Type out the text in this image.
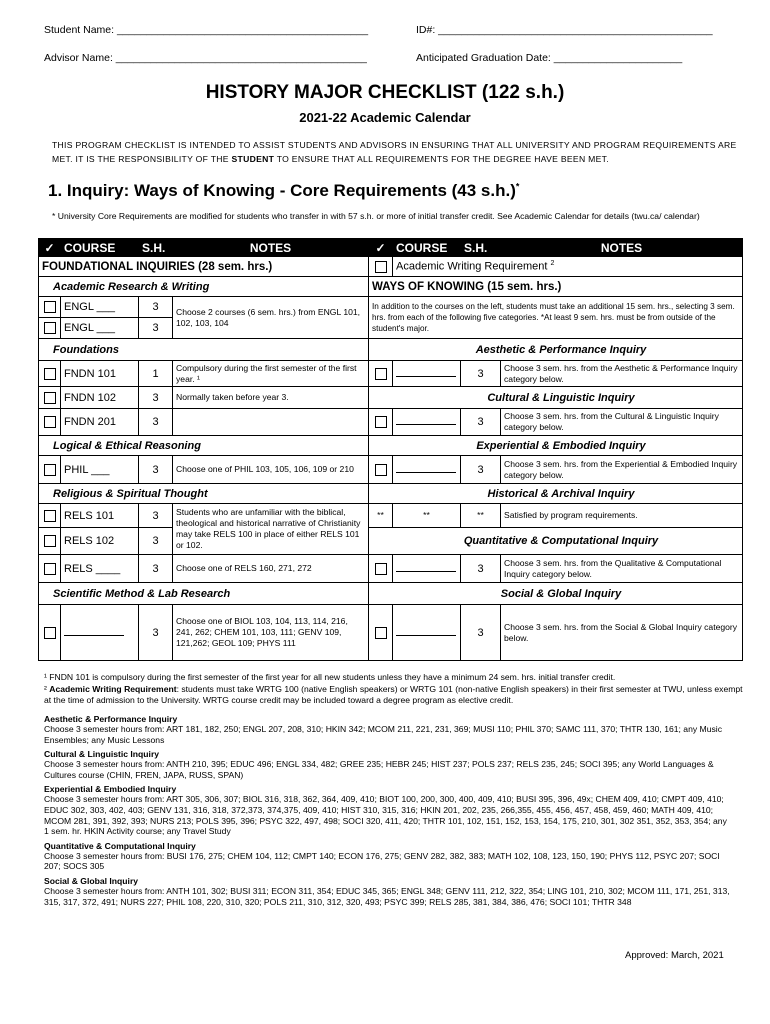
Student Name: ___________________________________________	ID#: _______________________________________________
Advisor Name: ___________________________________________	Anticipated Graduation Date: ______________________
HISTORY MAJOR CHECKLIST (122 s.h.)
2021-22 Academic Calendar
THIS PROGRAM CHECKLIST IS INTENDED TO ASSIST STUDENTS AND ADVISORS IN ENSURING THAT ALL UNIVERSITY AND PROGRAM REQUIREMENTS ARE
MET. IT IS THE RESPONSIBILITY OF THE STUDENT TO ENSURE THAT ALL REQUIREMENTS FOR THE DEGREE HAVE BEEN MET.
1. Inquiry: Ways of Knowing - Core Requirements (43 s.h.)*
* University Core Requirements are modified for students who transfer in with 57 s.h. or more of initial transfer credit. See Academic Calendar for details (twu.ca/ calendar)
✓	COURSE	S.H.	NOTES	✓	COURSE	S.H.	NOTES
FOUNDATIONAL INQUIRIES (28 sem. hrs.)					Academic Writing Requirement $^2$
Academic Research & Writing				WAYS OF KNOWING (15 sem. hrs.)			
	ENGL ___	3	Choose 2 courses (6 sem. hrs.) from ENGL 101, 102, 103, 104	In addition to the courses on the left, students must take an additional 15 sem. hrs., selecting 3 sem. hrs. from each of the following five categories. *At least 9 sem. hrs. must be from outside of the student's major.			
	ENGL ___	3					
Foundations				Aesthetic & Performance Inquiry			
	FNDN 101	1	Compulsory during the first semester of the first year. ¹			3	Choose 3 sem. hrs. from the Aesthetic & Performance Inquiry category below.
	FNDN 102	3	Normally taken before year 3.	Cultural & Linguistic Inquiry			
	FNDN 201	3				3	Choose 3 sem. hrs. from the Cultural & Linguistic Inquiry category below.
Logical & Ethical Reasoning				Experiential & Embodied Inquiry			
	PHIL ___	3	Choose one of PHIL 103, 105, 106, 109 or 210			3	Choose 3 sem. hrs. from the Experiential & Embodied Inquiry category below.
Religious & Spiritual Thought				Historical & Archival Inquiry			
	RELS 101	3	Students who are unfamiliar with the biblical, theological and historical narrative of Christianity may take RELS 100 in place of either RELS 101 or 102.	**	**	**	Satisfied by program requirements.
	RELS 102	3		Quantitative & Computational Inquiry			
	RELS ____	3	Choose one of RELS 160, 271, 272			3	Choose 3 sem. hrs. from the Qualitative & Computational Inquiry category below.
Scientific Method & Lab Research				Social & Global Inquiry			
		3	Choose one of BIOL 103, 104, 113, 114, 216, 241, 262; CHEM 101, 103, 111; GENV 109, 121,262; GEOL 109; PHYS 111			3	Choose 3 sem. hrs. from the Social & Global Inquiry category below.
¹ FNDN 101 is compulsory during the first semester of the first year for all new students unless they have a minimum 24 sem. hrs. initial transfer credit.
² Academic Writing Requirement: students must take WRTG 100 (native English speakers) or WRTG 101 (non-native English speakers) in their first semester at TWU, unless exempt at the time of admission to the University. WRTG course credit may be included toward a degree program as elective credit.
Aesthetic & Performance Inquiry
Choose 3 semester hours from: ART 181, 182, 250; ENGL 207, 208, 310; HKIN 342; MCOM 211, 221, 231, 369; MUSI 110; PHIL 370; SAMC 111, 370; THTR 130, 161; any Music Ensembles; any Music Lessons
Cultural & Linguistic Inquiry
Choose 3 semester hours from: ANTH 210, 395; EDUC 496; ENGL 334, 482; GREE 235; HEBR 245; HIST 237; POLS 237; RELS 235, 245; SOCI 395; any World Languages & Cultures course (CHIN, FREN, JAPA, RUSS, SPAN)
Experiential & Embodied Inquiry
Choose 3 semester hours from: ART 305, 306, 307; BIOL 316, 318, 362, 364, 409, 410; BIOT 100, 200, 300, 400, 409, 410; BUSI 395, 396, 49x; CHEM 409, 410; CMPT 409, 410; EDUC 302, 303, 402, 403; GENV 131, 316, 318, 372,373, 374,375, 409, 410; HIST 310, 315, 316; HKIN 201, 202, 235, 266,355, 455, 456, 457, 458, 459, 460; MATH 409, 410; MCOM 281, 391, 392, 393; NURS 213; POLS 395, 396; PSYC 322, 497, 498; SOCI 320, 411, 420; THTR 101, 102, 151, 152, 153, 154, 175, 210, 301, 302 351, 352, 353, 354; any 1 sem. hr. HKIN Activity course; any Travel Study
Quantitative & Computational Inquiry
Choose 3 semester hours from: BUSI 176, 275; CHEM 104, 112; CMPT 140; ECON 176, 275; GENV 282, 382, 383; MATH 102, 108, 123, 150, 190; PHYS 112, PSYC 207; SOCI 207; SOCS 305
Social & Global Inquiry
Choose 3 semester hours from: ANTH 101, 302; BUSI 311; ECON 311, 354; EDUC 345, 365; ENGL 348; GENV 111, 212, 322, 354; LING 101, 210, 302; MCOM 111, 171, 251, 313, 315, 317, 372, 491; NURS 227; PHIL 108, 220, 310, 320; POLS 211, 310, 312, 320, 493; PSYC 399; RELS 285, 381, 384, 386, 476; SOCI 101; THTR 348
Approved: March, 2021
